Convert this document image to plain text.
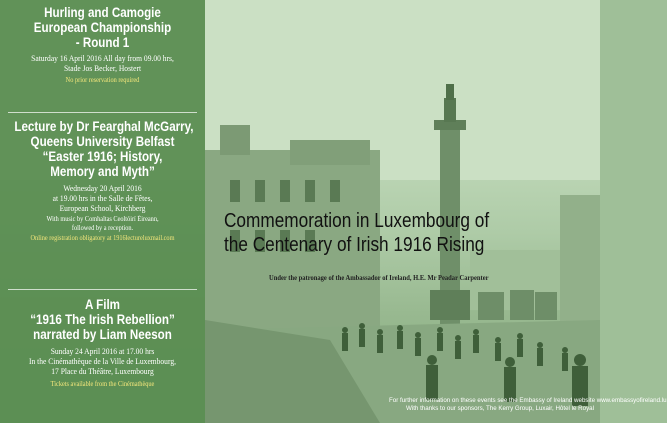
Hurling and Camogie
European Championship
- Round 1
Saturday 16 April 2016 All day from 09.00 hrs,
Stade Jos Becker, Hostert
No prior reservation required
Lecture by Dr Fearghal McGarry,
Queens University Belfast
“Easter 1916; History,
Memory and Myth”
Wednesday 20 April 2016
at 19.00 hrs in the Salle de Fêtes,
European School, Kirchberg
With music by Comhaltas Ceoltóirí Éireann,
followed by a reception.
Online registration obligatory at 1916lectureluxmail.com
A Film
“1916 The Irish Rebellion”
narrated by Liam Neeson
Sunday 24 April 2016 at 17.00 hrs
In the Cinémathèque de la Ville de Luxembourg,
17 Place du Théâtre, Luxembourg
Tickets available from the Cinémathèque
Commemoration in Luxembourg of
the Centenary of Irish 1916 Rising
Under the patronage of the Ambassador of Ireland, H.E. Mr Peadar Carpenter
For further information on these events see the Embassy of Ireland website www.embassyofireland.lu
With thanks to our sponsors, The Kerry Group, Luxair, Hôtel le Royal
